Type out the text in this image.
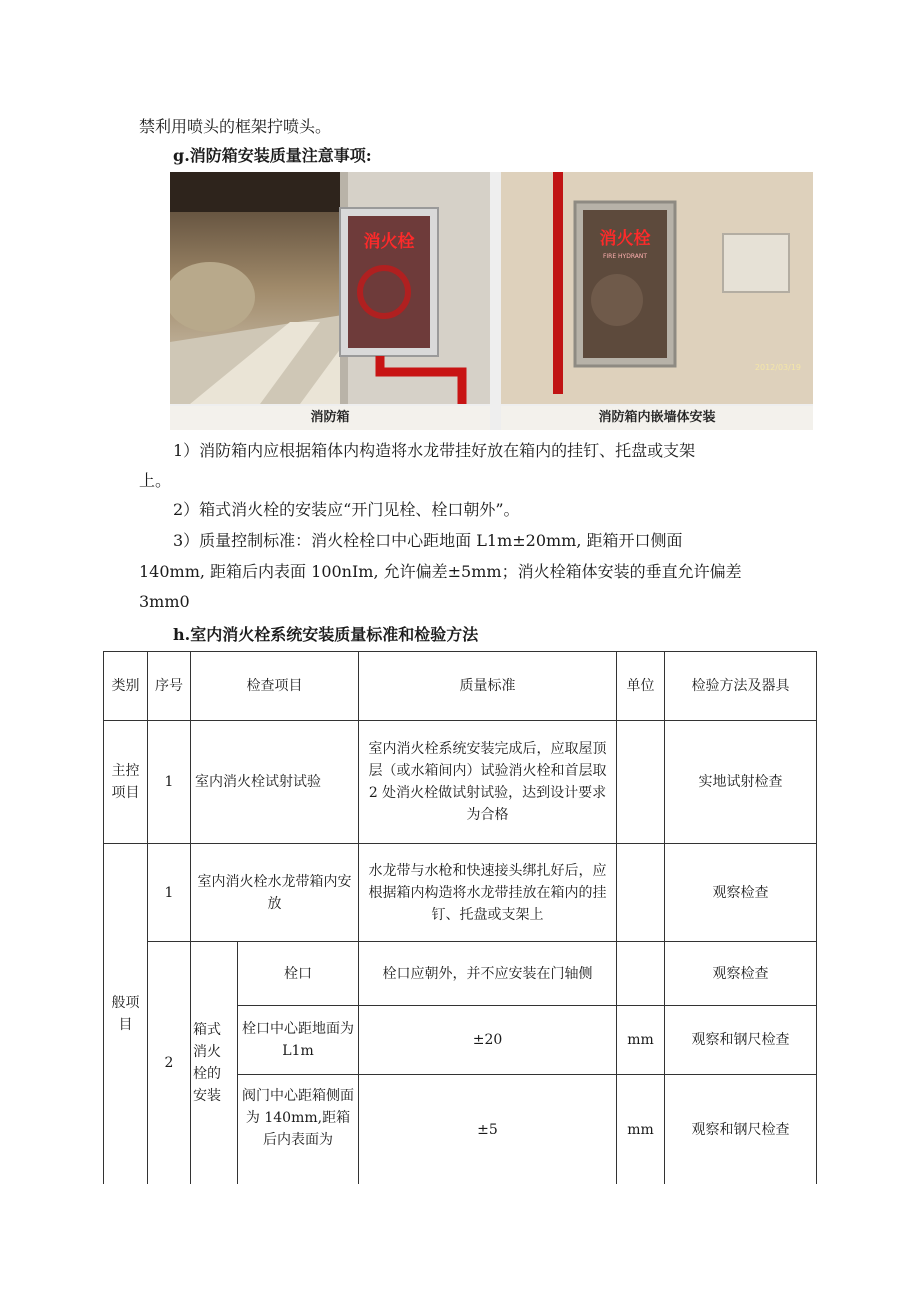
禁利用喷头的框架拧喷头。
g.消防箱安装质量注意事项:
消火栓	消火栓
FIRE HYDRANT
2012/03/19
消防箱	消防箱内嵌墙体安装
1）消防箱内应根据箱体内构造将水龙带挂好放在箱内的挂钉、托盘或支架
上。
2）箱式消火栓的安装应“开门见栓、栓口朝外”。
3）质量控制标准：消火栓栓口中心距地面 L1m±20mm, 距箱开口侧面
140mm, 距箱后内表面 100nIm, 允许偏差±5mm；消火栓箱体安装的垂直允许偏差
3mm0
h.室内消火栓系统安装质量标准和检验方法
类别	序号	检查项目		质量标准	单位	检验方法及器具
主控项目	1	室内消火栓试射试验		室内消火栓系统安装完成后，应取屋顶层（或水箱间内）试验消火栓和首层取 2 处消火栓做试射试验，达到设计要求为合格		实地试射检查
般项目	1	室内消火栓水龙带箱内安放		水龙带与水枪和快速接头绑扎好后，应根据箱内构造将水龙带挂放在箱内的挂钉、托盘或支架上		观察检查
	2	箱式消火栓的安装	栓口	栓口应朝外，并不应安装在门轴侧		观察检查
			栓口中心距地面为 L1m	±20	mm	观察和钢尺检查
			阀门中心距箱侧面为 140mm,距箱后内表面为	±5	mm	观察和钢尺检查
